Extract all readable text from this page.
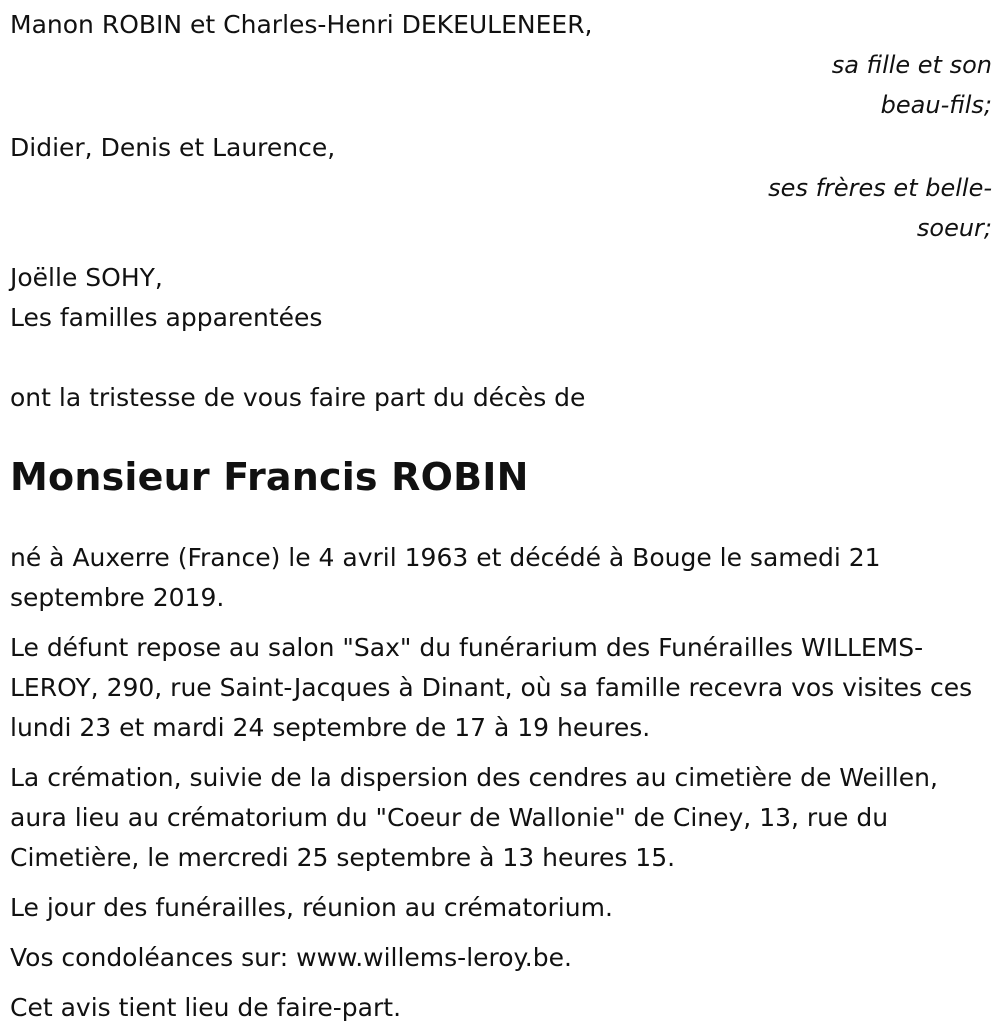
Manon ROBIN et Charles-Henri DEKEULENEER,
sa fille et son
beau-fils;
Didier, Denis et Laurence,
ses frères et belle-
soeur;
Joëlle SOHY,
Les familles apparentées
ont la tristesse de vous faire part du décès de
Monsieur Francis ROBIN

né à Auxerre (France) le 4 avril 1963 et décédé à Bouge le samedi 21 septembre 2019.

Le défunt repose au salon "Sax" du funérarium des Funérailles WILLEMS-LEROY, 290, rue Saint-Jacques à Dinant, où sa famille recevra vos visites ces lundi 23 et mardi 24 septembre de 17 à 19 heures.

La crémation, suivie de la dispersion des cendres au cimetière de Weillen, aura lieu au crématorium du "Coeur de Wallonie" de Ciney, 13, rue du Cimetière, le mercredi 25 septembre à 13 heures 15.

Le jour des funérailles, réunion au crématorium.

Vos condoléances sur: www.willems-leroy.be.

Cet avis tient lieu de faire-part.
